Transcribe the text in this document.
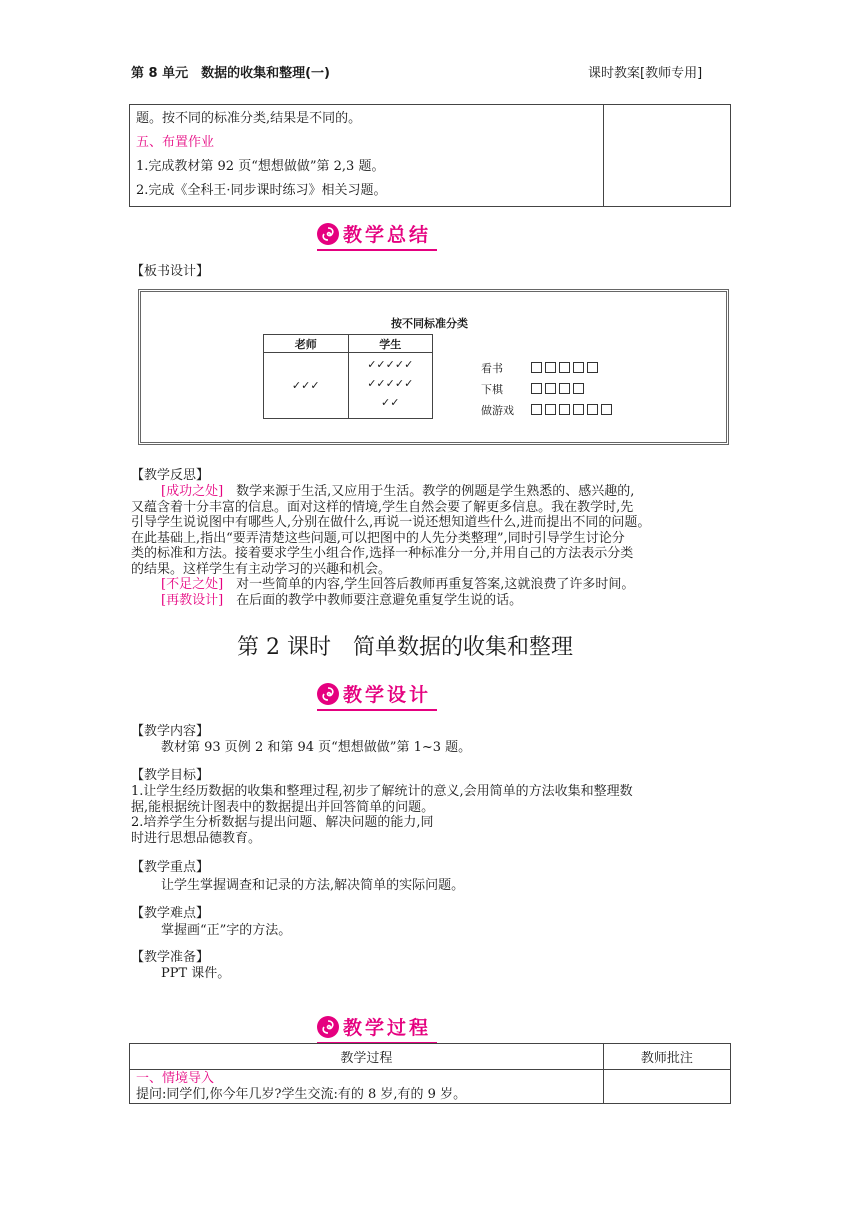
第 8 单元　数据的收集和整理(一)	课时教案[教师专用]
题。按不同的标准分类,结果是不同的。
五、布置作业
1.完成教材第 92 页“想想做做”第 2,3 题。
2.完成《全科王·同步课时练习》相关习题。

教学总结
【板书设计】
按不同标准分类
老师	学生
✓✓✓	✓✓✓✓✓
✓✓✓✓✓
✓✓
看书
下棋
做游戏
【教学反思】
[成功之处]　 数学来源于生活,又应用于生活。教学的例题是学生熟悉的、感兴趣的,
又蕴含着十分丰富的信息。面对这样的情境,学生自然会要了解更多信息。我在教学时,先
引导学生说说图中有哪些人,分别在做什么,再说一说还想知道些什么,进而提出不同的问题。
在此基础上,指出“要弄清楚这些问题,可以把图中的人先分类整理”,同时引导学生讨论分
类的标准和方法。接着要求学生小组合作,选择一种标准分一分,并用自己的方法表示分类
的结果。这样学生有主动学习的兴趣和机会。
[不足之处]　 对一些简单的内容,学生回答后教师再重复答案,这就浪费了许多时间。
[再教设计]　 在后面的教学中教师要注意避免重复学生说的话。
第 2 课时　简单数据的收集和整理
教学设计
【教学内容】
教材第 93 页例 2 和第 94 页“想想做做”第 1~3 题。
【教学目标】
1.让学生经历数据的收集和整理过程,初步了解统计的意义,会用简单的方法收集和整理数
据,能根据统计图表中的数据提出并回答简单的问题。
2.培养学生分析数据与提出问题、解决问题的能力,同
时进行思想品德教育。
【教学重点】
让学生掌握调查和记录的方法,解决简单的实际问题。
【教学难点】
掌握画“正”字的方法。
【教学准备】
PPT 课件。
教学过程
教学过程	教师批注

一、情境导入
提问:同学们,你今年几岁?学生交流:有的 8 岁,有的 9 岁。	
